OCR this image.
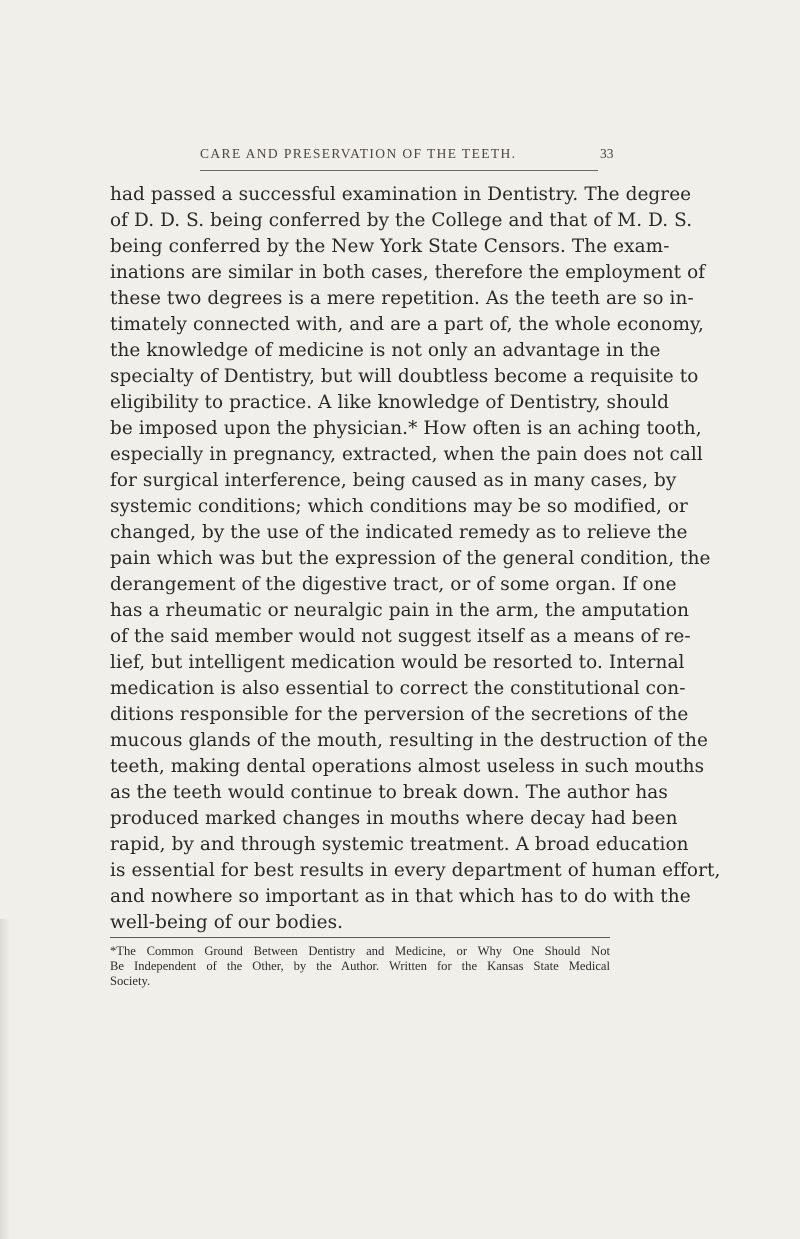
CARE AND PRESERVATION OF THE TEETH.	33

had passed a successful examination in Dentistry. The degree
of D. D. S. being conferred by the College and that of M. D. S.
being conferred by the New York State Censors. The exam-
inations are similar in both cases, therefore the employment of
these two degrees is a mere repetition. As the teeth are so in-
timately connected with, and are a part of, the whole economy,
the knowledge of medicine is not only an advantage in the
specialty of Dentistry, but will doubtless become a requisite to
eligibility to practice. A like knowledge of Dentistry, should
be imposed upon the physician.* How often is an aching tooth,
especially in pregnancy, extracted, when the pain does not call
for surgical interference, being caused as in many cases, by
systemic conditions; which conditions may be so modified, or
changed, by the use of the indicated remedy as to relieve the
pain which was but the expression of the general condition, the
derangement of the digestive tract, or of some organ. If one
has a rheumatic or neuralgic pain in the arm, the amputation
of the said member would not suggest itself as a means of re-
lief, but intelligent medication would be resorted to. Internal
medication is also essential to correct the constitutional con-
ditions responsible for the perversion of the secretions of the
mucous glands of the mouth, resulting in the destruction of the
teeth, making dental operations almost useless in such mouths
as the teeth would continue to break down. The author has
produced marked changes in mouths where decay had been
rapid, by and through systemic treatment. A broad education
is essential for best results in every department of human effort,
and nowhere so important as in that which has to do with the
well-being of our bodies.

*The Common Ground Between Dentistry and Medicine, or Why One Should Not
Be Independent of the Other, by the Author. Written for the Kansas State Medical
Society.
